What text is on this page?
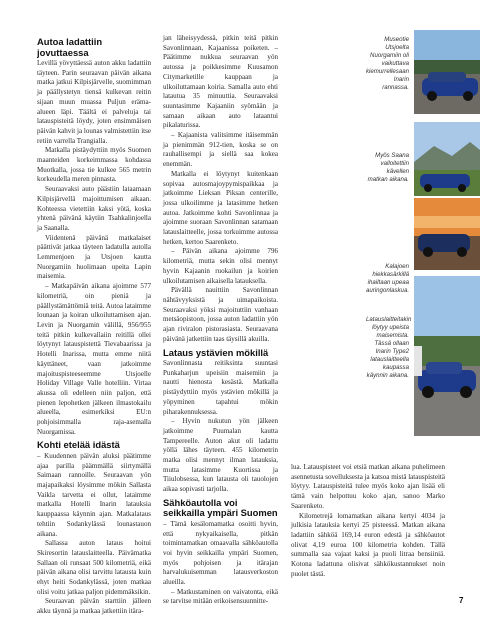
Autoa ladattiin jovuttaessa

Levillä yövyttäessä auton akku ladattiin täyteen. Parin seuraavan päivän aikana matka jatkui Kilpisjärvelle, suomimman ja päällystetyn tiensä kulkevan reitin sijaan muun muassa Puljun eräma-alueen läpi. Täältä ei palveluja tai latauspisteitä löydy, joten ensimmäisen päivän kahvit ja lounas valmistettiin itse retiin varrella Trangialla.

Matkalla pistäydyttiin myös Suomen maanteiden korkeimmassa kohdassa Muotkalla, jossa tie kulkee 565 metrin korkeudella meren pinnasta.

Seuraavaksi auto päästiin lataamaan Kilpisjärvellä majoittumisen aikaan. Kohteessa vietettiin kaksi yötä, koska yhtenä päivänä käytiin Tsahkalinjoella ja Saanalla.

Viidentenä päivänä matkalaiset päättivät jatkaa täyteen ladatulla autolla Lemmenjoen ja Utsjoen kautta Nuorgamiin huolimaan upeita Lapin maisemia.

– Matkapäivän aikana ajoimme 577 kilometriä, oin pieniä ja päällystämättömiä teitä. Autoa lataimme lounaan ja koiran ulkoiluttamisen ajan. Levin ja Nuorgamin välillä, 956/955 teitä pitkin kulkevallaiin reitillä ollei löytynyt latauspistettä Tievabaarissa ja Hotelli Inarissa, mutta emme niitä käyttäneet, vaan jatkoimme majoituspisteeseemme Utsjoelle Holiday Village Valle hotelliin. Virtaa akussa oli edelleen niin paljon, että pienen lepohetken jälkeen ilmastokailu alueella, esimerkiksi EU:n pohjoisimmalla raja-asemalla Nuorgamissa.

Kohti etelää idästä

– Kuudennen päivän aluksi päätimme ajaa parilla päämmällä siirtymällä Saimaan rannoille. Seuraavan yön majapaikaksi löysimme mökin Sallasta Vaikla tarvetta ei ollut, lataimme matkalla Hotelli Inarin latauksia kauppaassa käynnin ajan. Matkalataus tehtiin Sodankylässä lounastauon aikana.

Sallassa auton lataus hoitui Skiresortin latauslaitteella. Päivämatka Sallaan oli runsaat 500 kilometriä, eikä päivän aikana olisi tarvittu latausta kuin ehyt heiti Sodankylässä, joten matkaa olisi voitu jatkaa paljon pidemmäksikin.

Seuraavan päivän starttiin jälleen akku täynnä ja matkaa jatkettiin itära-

jan läheisyydessä, pitkin teitä pitkin Savonlinnaan, Kajaanissa poiketen. – Päätimme nukkua seuraavan yön autossa ja poikkesimme Kuusamon Citymarketille kauppaan ja ulkoiluttamaan koiria. Samalla auto ehti latautua 35 minuuttia. Seuraavaksi suuntasimme Kajaaniin syömään ja samaan aikaan auto lataantui pikalaturissa.

– Kajaanista valitsimme itäisemmän ja pienimmän 912-tien, koska se on rauhallisempi ja siellä saa kokea enemmän.

Matkalla ei löytynyt kuitenkaan sopivaa autosmajoypymispaikkaa ja jatkoimme Lieksan Piksan centerille, jossa ulkoilimme ja latasimme hetken autoa. Jatkoimme kohti Savonlinnaa ja ajoimme suoraan Savonlinnan satamaan latauslaitteelle, jossa torkuimme autossa hetken, kertoo Saarenketo.

– Päivän aikana ajoimme 796 kilometriä, mutta sekin olisi mennyt hyvin Kajaanin ruokailun ja koirien ulkoilutamisen aikaisella latauksella.

Pävällä nauittiin Savonlinnan nähtävyyksistä ja uimapaikoista. Seuraavaksi yöksi majoituttiin vanhaan metsäopistoon, jossa auton ladattiin yön ajan riviralon pistorasiasta. Seuraavana päivänä jatkettiin taas täysillä akuilla.

Lataus ystävien mökillä

Savonlinnasta reitiksinta suuntasi Punkaharjun upeisiin maisemiin ja nautti hienosta kesästä. Matkalla pistäydyttiin myös ystävien mökillä ja yöpyminen tapahtui mökin piharakennuksessa.

– Hyvin nukutun yön jälkeen jatkoimme Puumalan kautta Tampereelle. Auton akut oli ladattu yöllä lähes täyteen. 455 kilometrin matka olisi mennyt ilman latauksia, mutta latasimme Kuortissa ja Tiiulobsessa, kun latausta oli tauolojen aikaa sopivasti tarjolla.

Sähköautolla voi seikkailla ympäri Suomen

– Tämä kesälomamatka osoitti hyvin, että nykyaikaisella, pitkän toimintamatkan omaavalla sähköautolla voi hyvin seikkailla ympäri Suomen, myös pohjoisen ja itärajan harvalukuisemman latausverkoston alueilla.

– Matkustaminen on vaivatonta, eikä se tarvitse mitään erikoisensuunnitte-

lua. Latauspisteet voi etsiä matkan aikana puhelimeen asennetusta sovelluksesta ja katsoa mistä latauspisteitä löytyy. Latauspisteitä tulee myös koko ajan lisää eli tämä vain helpottuu koko ajan, sanoo Marko Saarenketo.

Kilometrejä lomamatkan aikana kertyi 4034 ja julkisia latauksia kertyi 25 pisteessä. Matkan aikana ladattiin sähköä 169,14 euron edestä ja sähköautot olivat 4,19 euroa 100 kilometria kohden. Tällä summalla saa vajaat kaksi ja puoli litraa bensiiniä. Kotona ladattuna olisivat sähkökustannukset noin puolet tästä.

Museotie Utsjoelta Nuorgamiin oli vaikuttava kiemurrellesaan Inarin rannassa.
Myös Saana valloitettiin kävellen matkan aikana.
Kalajoen hiekkasärkillä ihailtaan upeaa auringonlaskua.
Latauslaitteitakin löytyy upeista maisemista. Tässä ollaan Inarin Type2 latauslaitteella kaupassa käynnin aikana.
7
